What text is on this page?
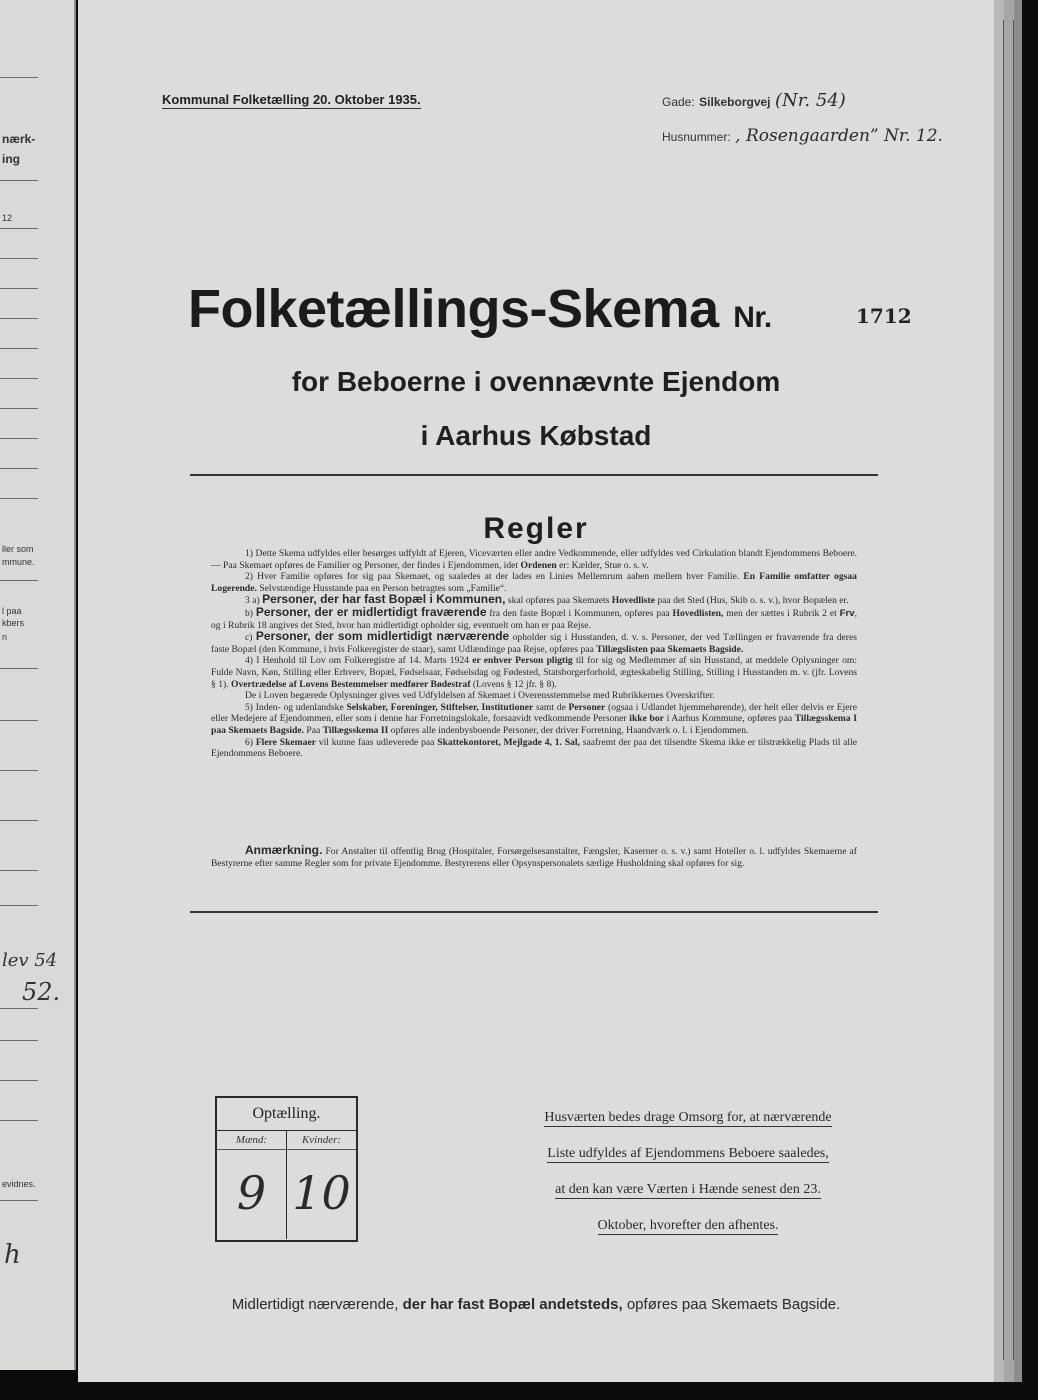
nærk-
ing
12
ller som
mmune.
l paa
kbers
n
lev 54
52.
evidnes.
h
Kommunal Folketælling 20. Oktober 1935.	Gade: Silkeborgvej (Nr. 54)
Husnummer: , Rosengaarden” Nr. 12.
Folketællings-Skema Nr.	1712
for Beboerne i ovennævnte Ejendom
i Aarhus Købstad
Regler

1) Dette Skema udfyldes eller besørges udfyldt af Ejeren, Viceværten eller andre Vedkommende, eller udfyldes ved Cirkulation blandt Ejendommens Beboere. — Paa Skemaet opføres de Familier og Personer, der findes i Ejendommen, idet Ordenen er: Kælder, Stue o. s. v.

2) Hver Familie opføres for sig paa Skemaet, og saaledes at der lades en Linies Mellemrum aaben mellem hver Familie. En Familie omfatter ogsaa Logerende. Selvstændige Husstande paa en Person betragtes som „Familie“.

3 a) Personer, der har fast Bopæl i Kommunen, skal opføres paa Skemaets Hovedliste paa det Sted (Hus, Skib o. s. v.), hvor Bopælen er.

b) Personer, der er midlertidigt fraværende fra den faste Bopæl i Kommunen, opføres paa Hovedlisten, men der sættes i Rubrik 2 et Frv, og i Rubrik 18 angives det Sted, hvor han midlertidigt opholder sig, eventuelt om han er paa Rejse.

c) Personer, der som midlertidigt nærværende opholder sig i Husstanden, d. v. s. Personer, der ved Tællingen er fraværende fra deres faste Bopæl (den Kommune, i hvis Folkeregister de staar), samt Udlændinge paa Rejse, opføres paa Tillægslisten paa Skemaets Bagside.

4) I Henhold til Lov om Folkeregistre af 14. Marts 1924 er enhver Person pligtig til for sig og Medlemmer af sin Husstand, at meddele Oplysninger om: Fulde Navn, Køn, Stilling eller Erhverv, Bopæl, Fødselsaar, Fødselsdag og Fødested, Statsborgerforhold, ægteskabelig Stilling, Stilling i Husstanden m. v. (jfr. Lovens § 1). Overtrædelse af Lovens Bestemmelser medfører Bødestraf (Lovens § 12 jfr. § 8).

De i Loven begærede Oplysninger gives ved Udfyldelsen af Skemaet i Overensstemmelse med Rubrikkernes Overskrifter.

5) Inden- og udenlandske Selskaber, Foreninger, Stiftelser, Institutioner samt de Personer (ogsaa i Udlandet hjemmehørende), der helt eller delvis er Ejere eller Medejere af Ejendommen, eller som i denne har Forretningslokale, forsaavidt vedkommende Personer ikke bor i Aarhus Kommune, opføres paa Tillægsskema I paa Skemaets Bagside. Paa Tillægsskema II opføres alle indenbysboende Personer, der driver Forretning, Haandværk o. l. i Ejendommen.

6) Flere Skemaer vil kunne faas udleverede paa Skattekontoret, Mejlgade 4, 1. Sal, saafremt der paa det tilsendte Skema ikke er tilstrækkelig Plads til alle Ejendommens Beboere.

Anmærkning. For Anstalter til offentlig Brug (Hospitaler, Forsørgelsesanstalter, Fængsler, Kaserner o. s. v.) samt Hoteller o. l. udfyldes Skemaerne af Bestyrerne efter samme Regler som for private Ejendomme. Bestyrerens eller Opsynspersonalets særlige Husholdning skal opføres for sig.

Optælling.
Mænd:
9
Kvinder:
10
Husværten bedes drage Omsorg for, at nærværende
Liste udfyldes af Ejendommens Beboere saaledes,
at den kan være Værten i Hænde senest den 23.
Oktober, hvorefter den afhentes.
Midlertidigt nærværende, der har fast Bopæl andetsteds, opføres paa Skemaets Bagside.
